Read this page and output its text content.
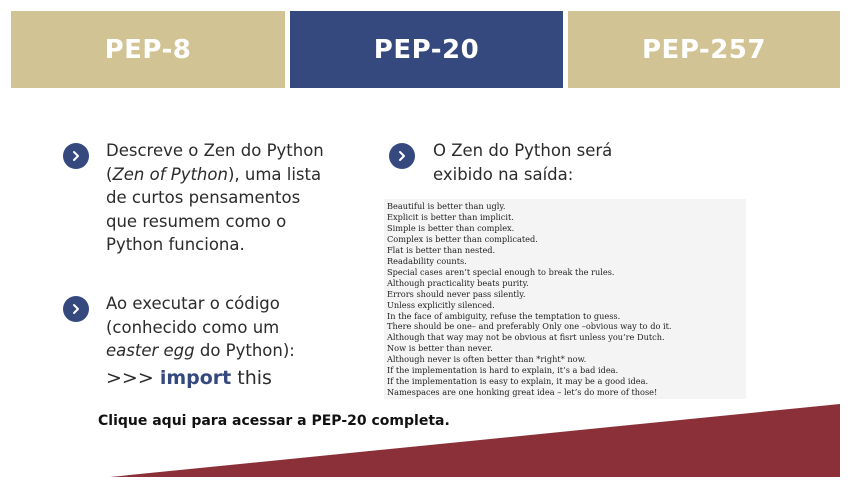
PEP-8	PEP-20	PEP-257
Descreve o Zen do Python
(Zen of Python), uma lista
de curtos pensamentos
que resumem como o
Python funciona.
Ao executar o código
(conhecido como um
easter egg do Python):
>>> import this
O Zen do Python será
exibido na saída:
Beautiful is better than ugly.
Explicit is better than implicit.
Simple is better than complex.
Complex is better than complicated.
Flat is better than nested.
Readability counts.
Special cases aren’t special enough to break the rules.
Although practicality beats purity.
Errors should never pass silently.
Unless explicitly silenced.
In the face of ambiguity, refuse the temptation to guess.
There should be one– and preferably Only one –obvious way to do it.
Although that way may not be obvious at fisrt unless you’re Dutch.
Now is better than never.
Although never is often better than *right* now.
If the implementation is hard to explain, it’s a bad idea.
If the implementation is easy to explain, it may be a good idea.
Namespaces are one honking great idea – let’s do more of those!
Clique aqui para acessar a PEP-20 completa.
